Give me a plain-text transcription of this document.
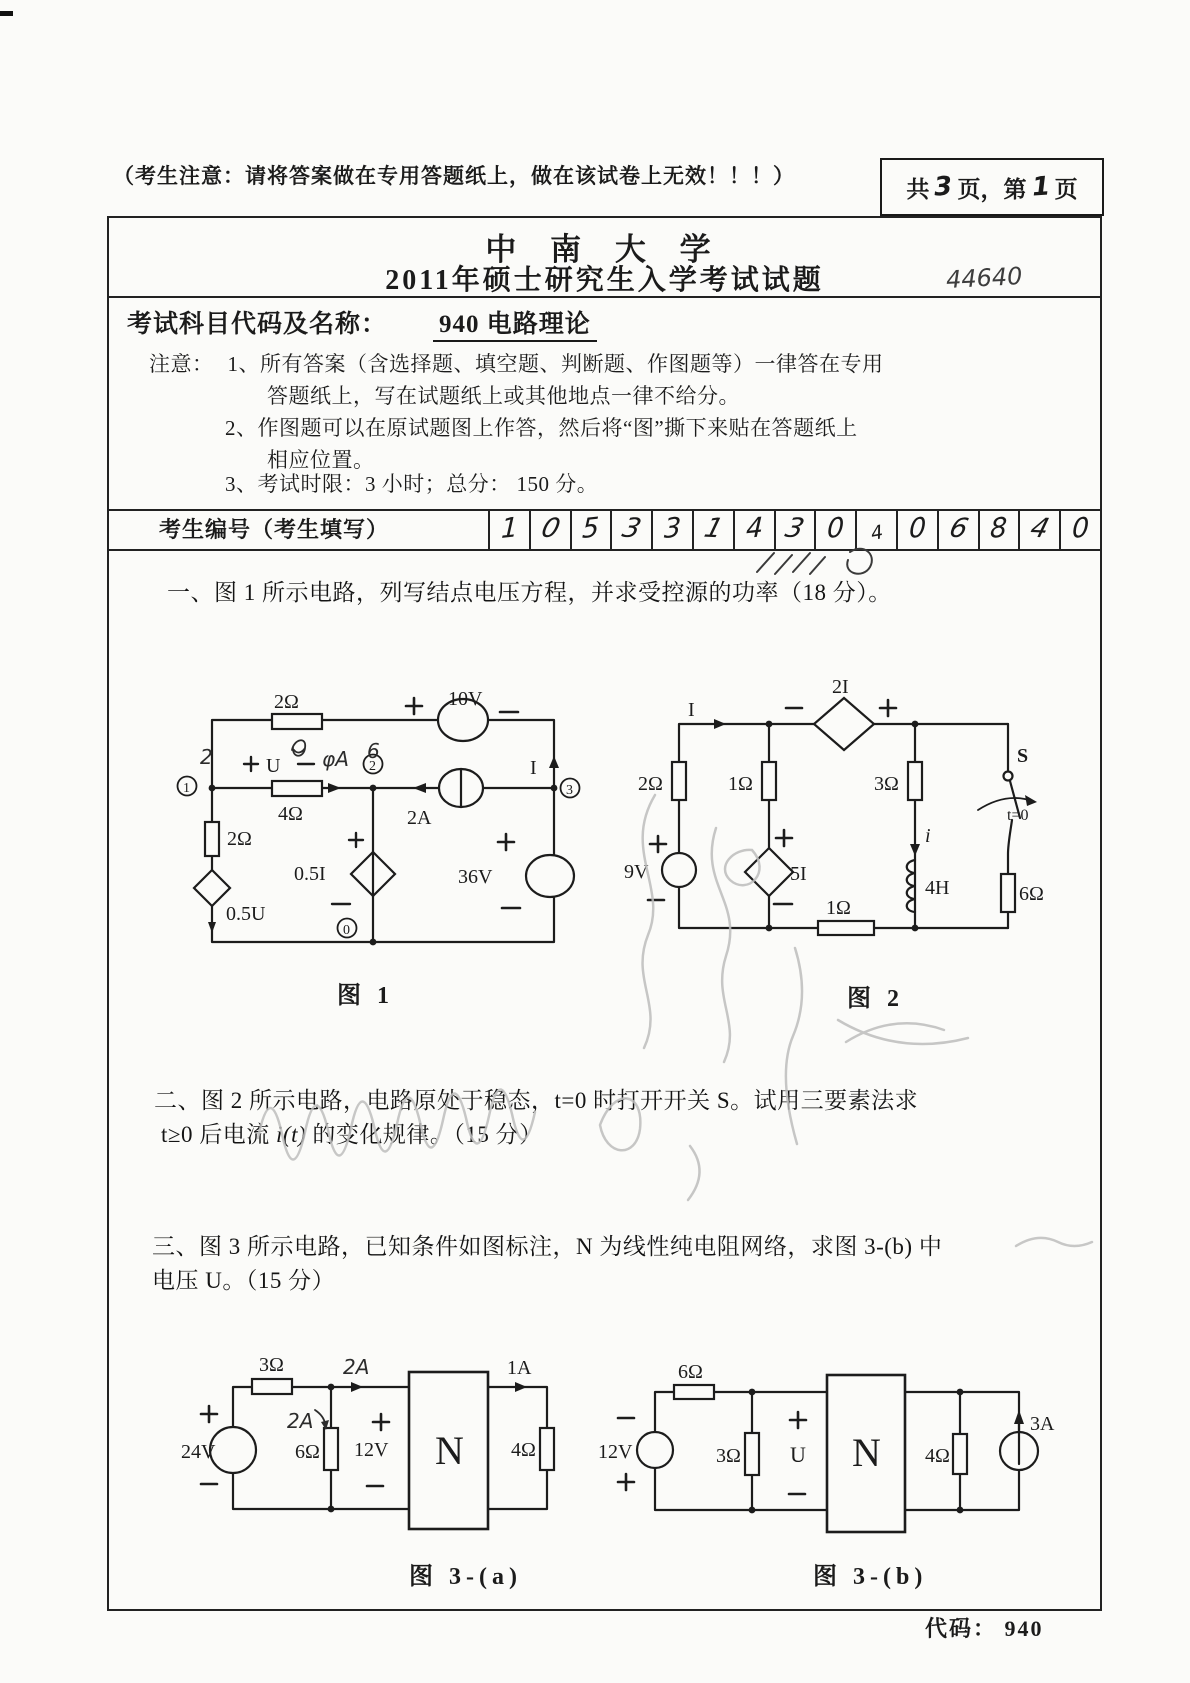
（考生注意：请将答案做在专用答题纸上，做在该试卷上无效！！！）	共 3 页，第 1 页
中 南 大 学
2011年硕士研究生入学考试试题	44640
考试科目代码及名称： 940 电路理论
注意： 1、所有答案（含选择题、填空题、判断题、作图题等）一律答在专用
答题纸上，写在试题纸上或其他地点一律不给分。
2、作图题可以在原试题图上作答，然后将“图”撕下来贴在答题纸上
相应位置。
3、考试时限：3 小时；总分： 150 分。
考生编号（考生填写）	1 0 5 3 3 1 4 3 0	4 0 6 8 4 0
一、图 1 所示电路，列写结点电压方程，并求受控源的功率（18 分）。
2Ω	10V
4Ω
U
2A
I
2Ω
0.5U
0.5I	36V
1
2
3
0
φA 6
2
图 1
I
2I
2Ω
9V
1Ω
5I
1Ω
3Ω
i
4H
S
t=0
6Ω
图 2
二、图 2 所示电路，电路原处于稳态，t=0 时打开开关 S。试用三要素法求
t≥0 后电流 i(t) 的变化规律。（15 分）
三、图 3 所示电路，已知条件如图标注，N 为线性纯电阻网络，求图 3-(b) 中
电压 U。（15 分）
24V
3Ω	2A
6Ω
2A
12V N
1A
4Ω
图 3-(a)
12V
6Ω
3Ω U N 4Ω
3A
图 3-(b)
代码： 940
